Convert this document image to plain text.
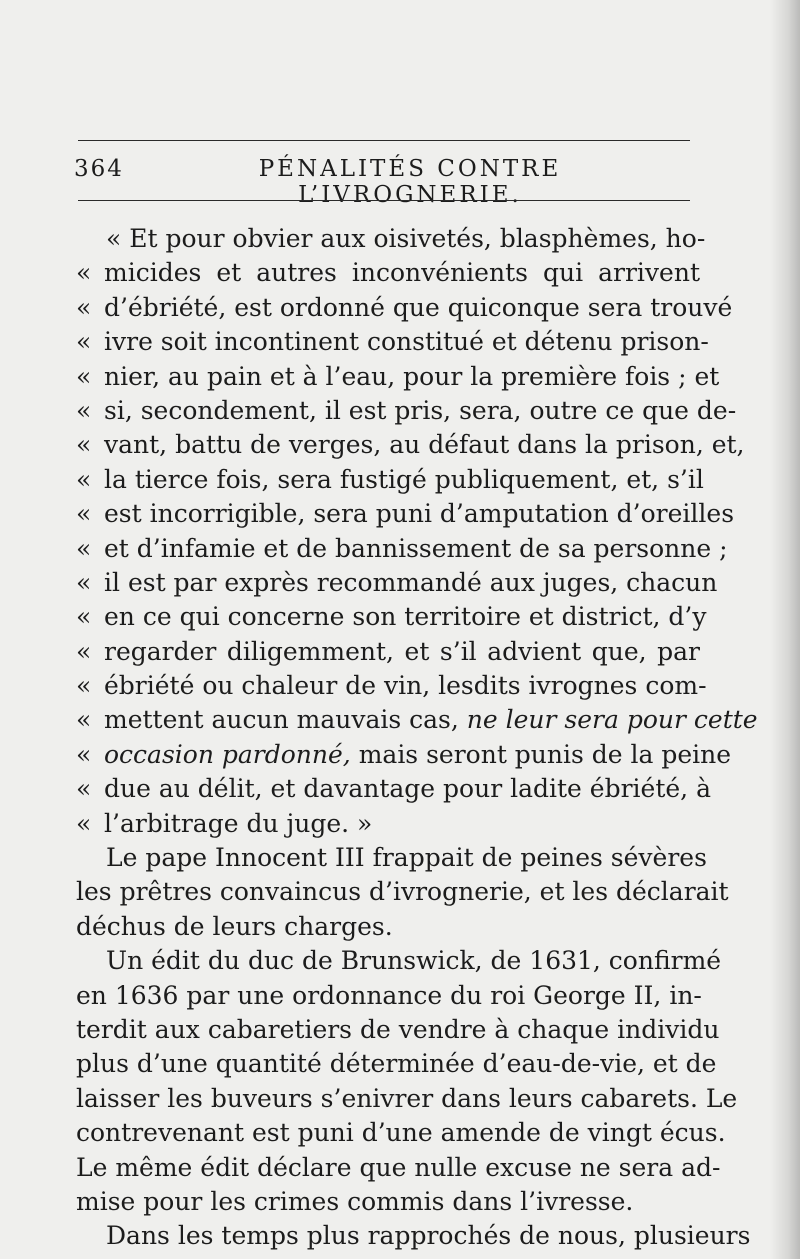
364	PÉNALITÉS CONTRE L’IVROGNERIE.
« Et pour obvier aux oisivetés, blasphèmes, ho-
« micides et autres inconvénients qui arrivent
« d’ébriété, est ordonné que quiconque sera trouvé
« ivre soit incontinent constitué et détenu prison-
« nier, au pain et à l’eau, pour la première fois ; et
« si, secondement, il est pris, sera, outre ce que de-
« vant, battu de verges, au défaut dans la prison, et,
« la tierce fois, sera fustigé publiquement, et, s’il
« est incorrigible, sera puni d’amputation d’oreilles
« et d’infamie et de bannissement de sa personne ;
« il est par exprès recommandé aux juges, chacun
« en ce qui concerne son territoire et district, d’y
« regarder diligemment, et s’il advient que, par
« ébriété ou chaleur de vin, lesdits ivrognes com-
« mettent aucun mauvais cas, ne leur sera pour cette
« occasion pardonné, mais seront punis de la peine
« due au délit, et davantage pour ladite ébriété, à
« l’arbitrage du juge. »
Le pape Innocent III frappait de peines sévères
les prêtres convaincus d’ivrognerie, et les déclarait
déchus de leurs charges.
Un édit du duc de Brunswick, de 1631, confirmé
en 1636 par une ordonnance du roi George II, in-
terdit aux cabaretiers de vendre à chaque individu
plus d’une quantité déterminée d’eau-de-vie, et de
laisser les buveurs s’enivrer dans leurs cabarets. Le
contrevenant est puni d’une amende de vingt écus.
Le même édit déclare que nulle excuse ne sera ad-
mise pour les crimes commis dans l’ivresse.
Dans les temps plus rapprochés de nous, plusieurs
